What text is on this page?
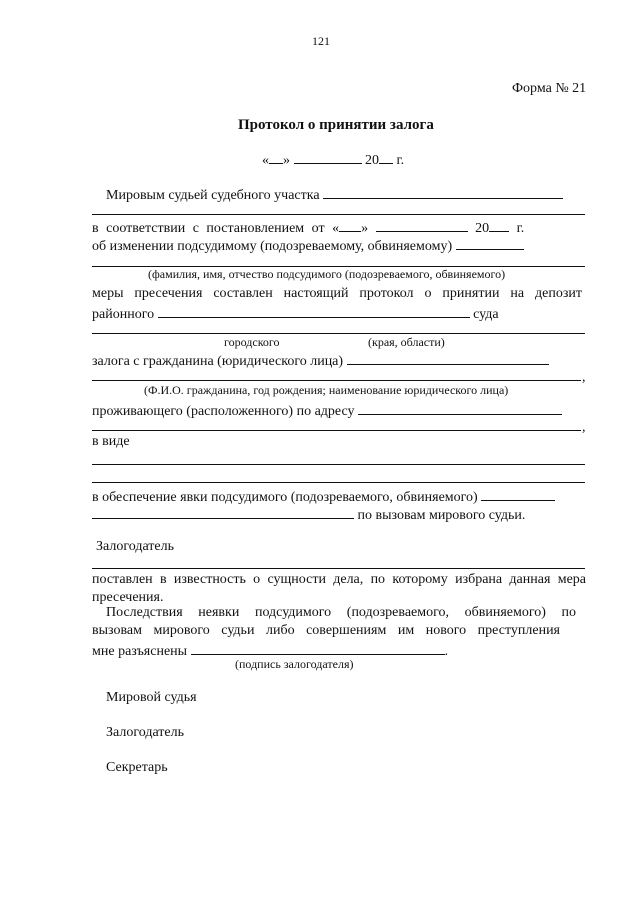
121
Форма № 21
Протокол о принятии залога
« »	20 г.
Мировым судьей судебного участка
в соответствии с постановлением от « »	20 г.
об изменении подсудимому (подозреваемому, обвиняемому)
(фамилия, имя, отчество подсудимого (подозреваемого, обвиняемого)
меры пресечения составлен настоящий протокол о принятии на депозит
районного	суда
городского	(края, области)
залога с гражданина (юридического лица)
,
(Ф.И.О. гражданина, год рождения; наименование юридического лица)
проживающего (расположенного) по адресу
,
в виде
в обеспечение явки подсудимого (подозреваемого, обвиняемого)
по вызовам мирового судьи.
Залогодатель
поставлен в известность о сущности дела, по которому избрана данная мера
пресечения.
Последствия неявки подсудимого (подозреваемого, обвиняемого) по
вызовам мирового судьи либо совершениям им нового преступления
мне разъяснены	.
(подпись залогодателя)
Мировой судья
Залогодатель
Секретарь
